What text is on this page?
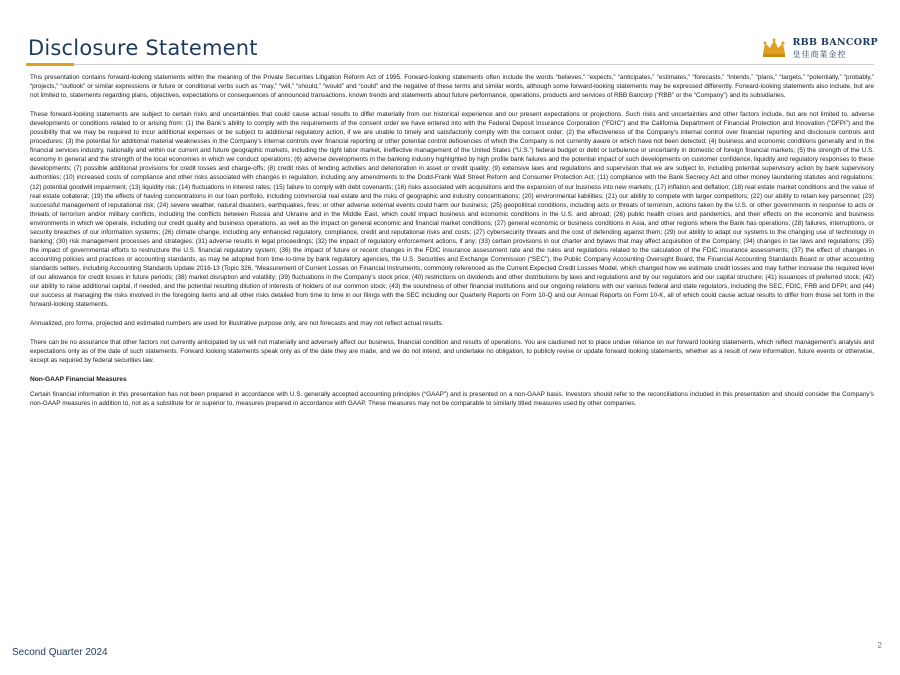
Disclosure Statement	RBB BANCORP
皇佳商業金控

This presentation contains forward-looking statements within the meaning of the Private Securities Litigation Reform Act of 1995. Forward-looking statements often include the words “believes,” “expects,” “anticipates,” “estimates,” “forecasts,” “intends,” “plans,” “targets,” “potentially,” “probably,” “projects,” “outlook” or similar expressions or future or conditional verbs such as “may,” “will,” “should,” “would” and “could” and the negative of these terms and similar words, although some forward-looking statements may be expressed differently. Forward-looking statements also include, but are not limited to, statements regarding plans, objectives, expectations or consequences of announced transactions, known trends and statements about future performance, operations, products and services of RBB Bancorp (“RBB” or the “Company”) and its subsidiaries.

These forward-looking statements are subject to certain risks and uncertainties that could cause actual results to differ materially from our historical experience and our present expectations or projections. Such risks and uncertainties and other factors include, but are not limited to, adverse developments or conditions related to or arising from: (1) the Bank’s ability to comply with the requirements of the consent order we have entered into with the Federal Deposit Insurance Corporation (“FDIC”) and the California Department of Financial Protection and Innovation (“DFPI”) and the possibility that we may be required to incur additional expenses or be subject to additional regulatory action, if we are unable to timely and satisfactorily comply with the consent order; (2) the effectiveness of the Company’s internal control over financial reporting and disclosure controls and procedures; (3) the potential for additional material weaknesses in the Company’s internal controls over financial reporting or other potential control deficiencies of which the Company is not currently aware or which have not been detected; (4) business and economic conditions generally and in the financial services industry, nationally and within our current and future geographic markets, including the tight labor market, ineffective management of the United States (“U.S.”) federal budget or debt or turbulence or uncertainly in domestic of foreign financial markets; (5) the strength of the U.S. economy in general and the strength of the local economies in which we conduct operations; (6) adverse developments in the banking industry highlighted by high profile bank failures and the potential impact of such developments on customer confidence, liquidity and regulatory responses to these developments; (7) possible additional provisions for credit losses and charge-offs; (8) credit risks of lending activities and deterioration in asset or credit quality; (9) extensive laws and regulations and supervision that we are subject to, including potential supervisory action by bank supervisory authorities; (10) increased costs of compliance and other risks associated with changes in regulation, including any amendments to the Dodd-Frank Wall Street Reform and Consumer Protection Act; (11) compliance with the Bank Secrecy Act and other money laundering statutes and regulations; (12) potential goodwill impairment; (13) liquidity risk; (14) fluctuations in interest rates; (15) failure to comply with debt covenants; (16) risks associated with acquisitions and the expansion of our business into new markets; (17) inflation and deflation; (18) real estate market conditions and the value of real estate collateral; (19) the effects of having concentrations in our loan portfolio, including commercial real estate and the risks of geographic and industry concentrations; (20) environmental liabilities; (21) our ability to compete with larger competitors; (22) our ability to retain key personnel; (23) successful management of reputational risk; (24) severe weather, natural disasters, earthquakes, fires; or other adverse external events could harm our business; (25) geopolitical conditions, including acts or threats of terrorism, actions taken by the U.S. or other governments in response to acts or threats of terrorism and/or military conflicts, including the conflicts between Russia and Ukraine and in the Middle East, which could impact business and economic conditions in the U.S. and abroad; (26) public health crises and pandemics, and their effects on the economic and business environments in which we operate, including our credit quality and business operations, as well as the impact on general economic and financial market conditions; (27) general economic or business conditions in Asia, and other regions where the Bank has operations; (28) failures, interruptions, or security breaches of our information systems; (26) climate change, including any enhanced regulatory, compliance, credit and reputational risks and costs; (27) cybersecurity threats and the cost of defending against them; (29) our ability to adapt our systems to the changing use of technology in banking; (30) risk management processes and strategies; (31) adverse results in legal proceedings; (32) the impact of regulatory enforcement actions, if any; (33) certain provisions in our charter and bylaws that may affect acquisition of the Company; (34) changes in tax laws and regulations; (35) the impact of governmental efforts to restructure the U.S. financial regulatory system; (36) the impact of future or recent changes in the FDIC insurance assessment rate and the rules and regulations related to the calculation of the FDIC insurance assessments; (37) the effect of changes in accounting policies and practices or accounting standards, as may be adopted from time-to-time by bank regulatory agencies, the U.S. Securities and Exchange Commission (“SEC”), the Public Company Accounting Oversight Board, the Financial Accounting Standards Board or other accounting standards setters, including Accounting Standards Update 2016-13 (Topic 326, “Measurement of Current Losses on Financial Instruments, commonly referenced as the Current Expected Credit Losses Model, which changed how we estimate credit losses and may further increase the required level of our allowance for credit losses in future periods; (38) market disruption and volatility; (39) fluctuations in the Company’s stock price; (40) restrictions on dividends and other distributions by laws and regulations and by our regulators and our capital structure; (41) issuances of preferred stock; (42) our ability to raise additional capital, if needed, and the potential resulting dilution of interests of holders of our common stock; (43) the soundness of other financial institutions and our ongoing relations with our various federal and state regulators, including the SEC, FDIC, FRB and DFPI; and (44) our success at managing the risks involved in the foregoing items and all other risks detailed from time to time in our filings with the SEC including our Quarterly Reports on Form 10-Q and our Annual Reports on Form 10-K, all of which could cause actual results to differ from those set forth in the forward-looking statements.

Annualized, pro forma, projected and estimated numbers are used for illustrative purpose only, are not forecasts and may not reflect actual results.

There can be no assurance that other factors not currently anticipated by us will not materially and adversely affect our business, financial condition and results of operations. You are cautioned not to place undue reliance on our forward looking statements, which reflect management’s analysis and expectations only as of the date of such statements. Forward looking statements speak only as of the date they are made, and we do not intend, and undertake no obligation, to publicly revise or update forward looking statements, whether as a result of new information, future events or otherwise, except as required by federal securities law.

Non-GAAP Financial Measures

Certain financial information in this presentation has not been prepared in accordance with U.S. generally accepted accounting principles (“GAAP”) and is presented on a non-GAAP basis. Investors should refer to the reconciliations included in this presentation and should consider the Company’s non-GAAP measures in addition to, not as a substitute for or superior to, measures prepared in accordance with GAAP. These measures may not be comparable to similarly titled measures used by other companies.

Second Quarter 2024
2
